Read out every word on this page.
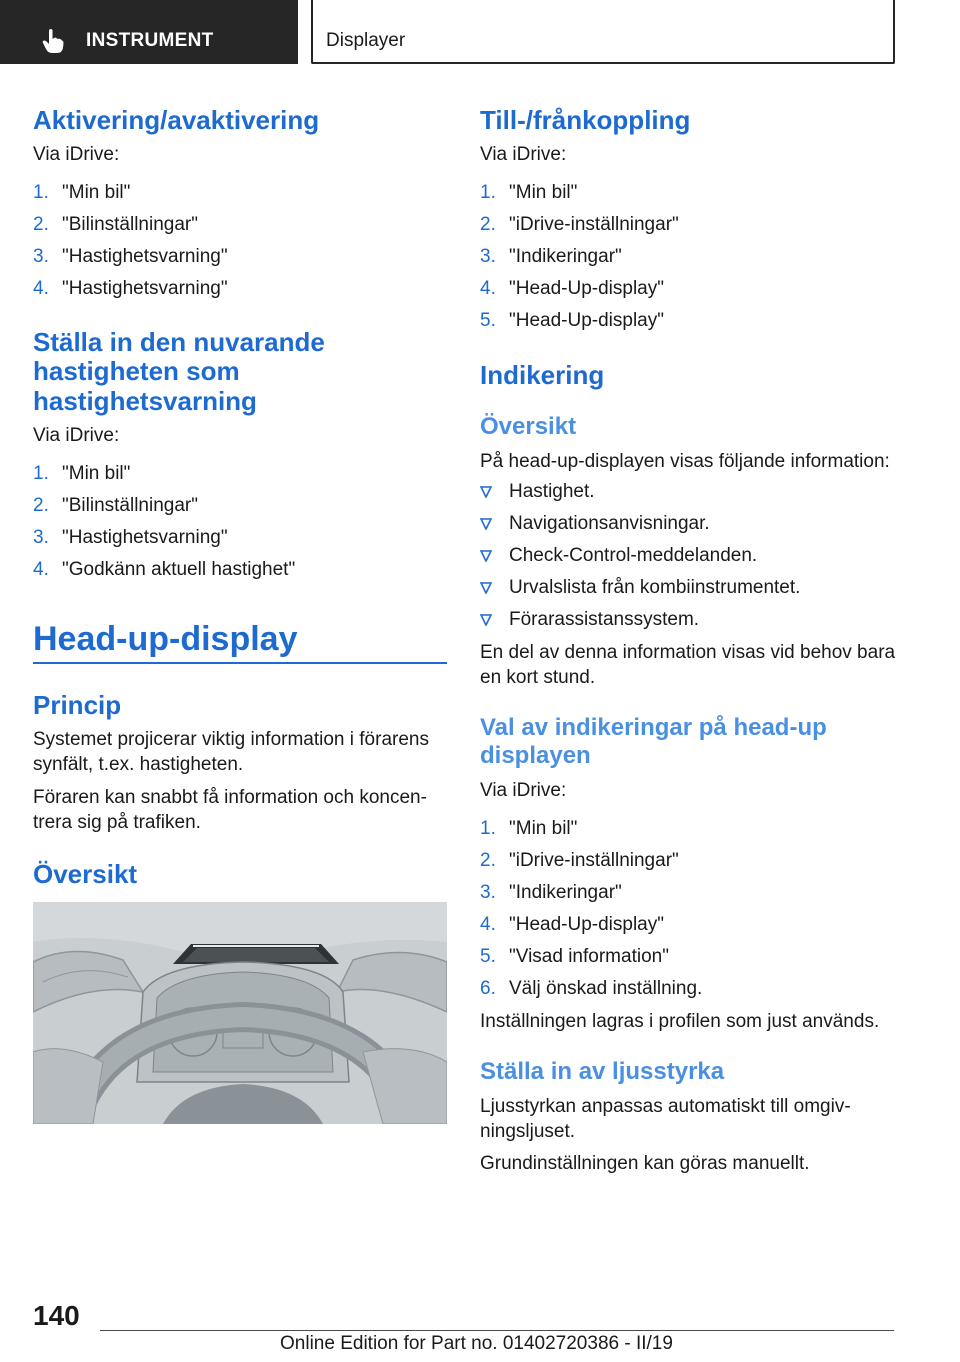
INSTRUMENT	Displayer
Aktivering/avaktivering
Via iDrive:
1. "Min bil"
2. "Bilinställningar"
3. "Hastighetsvarning"
4. "Hastighetsvarning"
Ställa in den nuvarande
hastigheten som
hastighetsvarning
Via iDrive:
1. "Min bil"
2. "Bilinställningar"
3. "Hastighetsvarning"
4. "Godkänn aktuell hastighet"
Head-up-display
Princip
Systemet projicerar viktig information i förarens
synfält, t.ex. hastigheten.
Föraren kan snabbt få information och koncen‐
trera sig på trafiken.
Översikt
Till-/frånkoppling
Via iDrive:
1. "Min bil"
2. "iDrive-inställningar"
3. "Indikeringar"
4. "Head-Up-display"
5. "Head-Up-display"
Indikering
Översikt
På head-up-displayen visas följande information:
Hastighet.
Navigationsanvisningar.
Check-Control-meddelanden.
Urvalslista från kombiinstrumentet.
Förarassistanssystem.
En del av denna information visas vid behov bara
en kort stund.
Val av indikeringar på head-up
displayen
Via iDrive:
1. "Min bil"
2. "iDrive-inställningar"
3. "Indikeringar"
4. "Head-Up-display"
5. "Visad information"
6. Välj önskad inställning.
Inställningen lagras i profilen som just används.
Ställa in av ljusstyrka
Ljusstyrkan anpassas automatiskt till omgiv‐
ningsljuset.
Grundinställningen kan göras manuellt.
140
Online Edition for Part no. 01402720386 - II/19
